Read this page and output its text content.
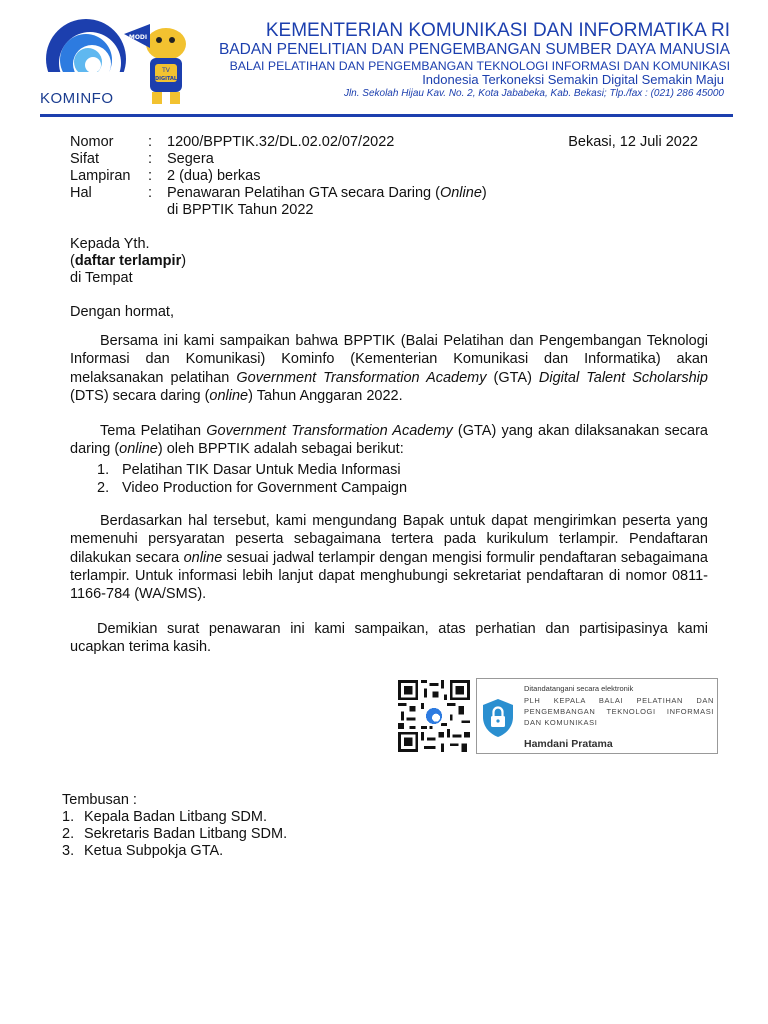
TV
DIGITAL
MODI
KOMINFO
KEMENTERIAN KOMUNIKASI DAN INFORMATIKA RI
BADAN PENELITIAN DAN PENGEMBANGAN SUMBER DAYA MANUSIA
BALAI PELATIHAN DAN PENGEMBANGAN TEKNOLOGI INFORMASI DAN KOMUNIKASI
Indonesia Terkoneksi Semakin Digital Semakin Maju
Jln. Sekolah Hijau Kav. No. 2, Kota Jababeka, Kab. Bekasi; Tlp./fax : (021) 286 45000
Nomor : 1200/BPPTIK.32/DL.02.02/07/2022	Bekasi, 12 Juli 2022
Sifat	: Segera
Lampiran : 2 (dua) berkas
Hal	: Penawaran Pelatihan GTA secara Daring (Online)
di BPPTIK Tahun 2022
Kepada Yth.
(daftar terlampir)
di Tempat
Dengan hormat,

Bersama ini kami sampaikan bahwa BPPTIK (Balai Pelatihan dan Pengembangan Teknologi Informasi dan Komunikasi) Kominfo (Kementerian Komunikasi dan Informatika) akan melaksanakan pelatihan Government Transformation Academy (GTA) Digital Talent Scholarship (DTS) secara daring (online) Tahun Anggaran 2022.

Tema Pelatihan Government Transformation Academy (GTA) yang akan dilaksanakan secara daring (online) oleh BPPTIK adalah sebagai berikut:

1. Pelatihan TIK Dasar Untuk Media Informasi
2. Video Production for Government Campaign

Berdasarkan hal tersebut, kami mengundang Bapak untuk dapat mengirimkan peserta yang memenuhi persyaratan peserta sebagaimana tertera pada kurikulum terlampir. Pendaftaran dilakukan secara online sesuai jadwal terlampir dengan mengisi formulir pendaftaran sebagaimana terlampir. Untuk informasi lebih lanjut dapat menghubungi sekretariat pendaftaran di nomor 0811-1166-784 (WA/SMS).

Demikian surat penawaran ini kami sampaikan, atas perhatian dan partisipasinya kami ucapkan terima kasih.

Ditandatangani secara elektronik
PLH KEPALA BALAI PELATIHAN DAN PENGEMBANGAN TEKNOLOGI INFORMASI DAN KOMUNIKASI
Hamdani Pratama
Tembusan :
1. Kepala Badan Litbang SDM.
2. Sekretaris Badan Litbang SDM.
3. Ketua Subpokja GTA.
